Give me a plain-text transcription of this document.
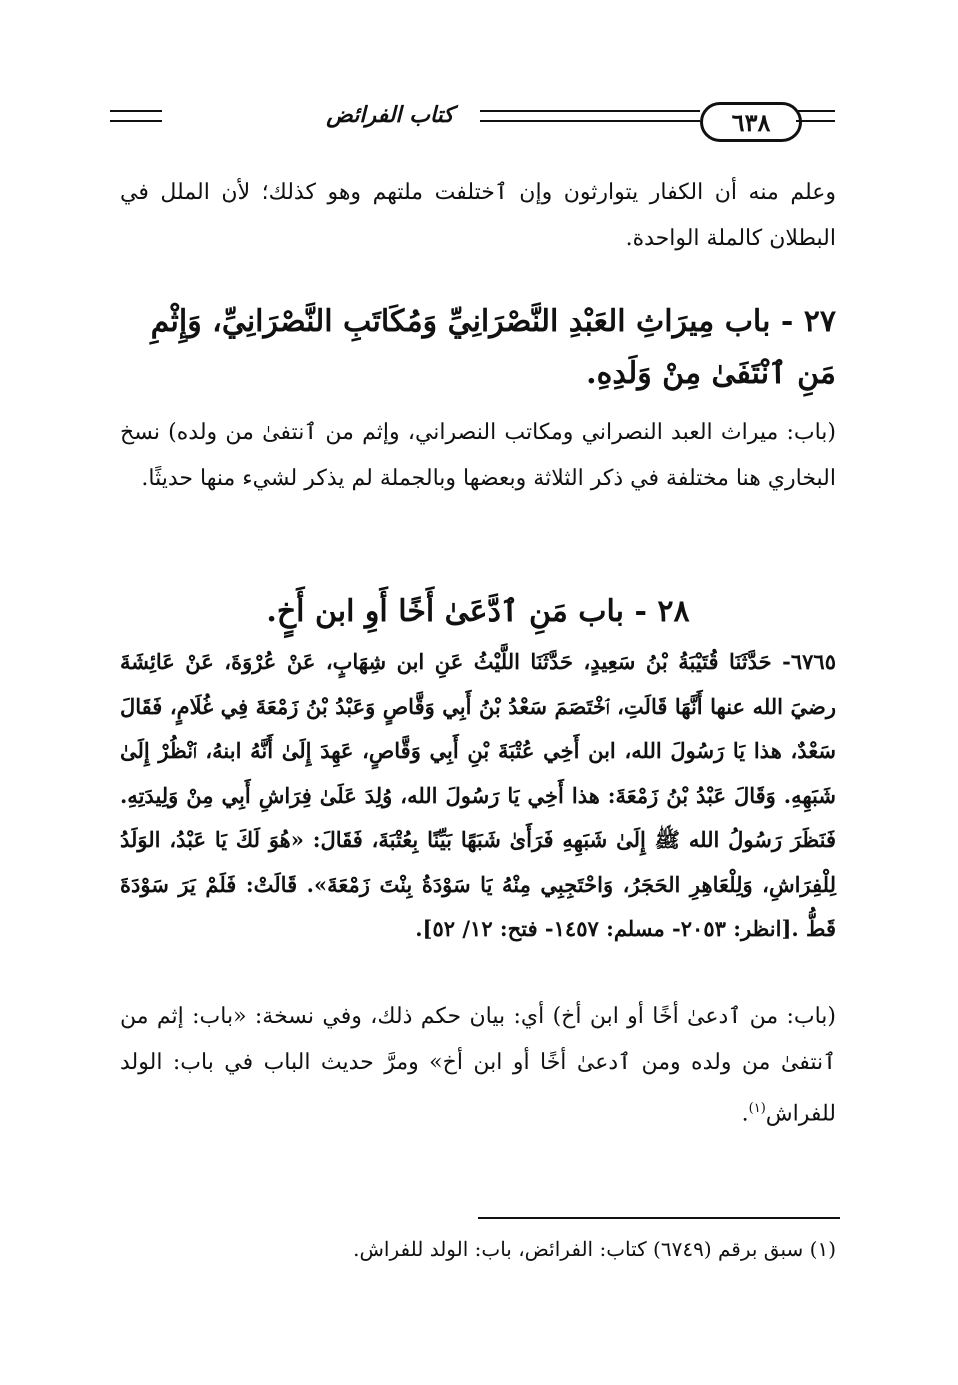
كتاب الفرائض	٦٣٨
وعلم منه أن الكفار يتوارثون وإن ٱختلفت ملتهم وهو كذلك؛ لأن الملل في البطلان كالملة الواحدة.
٢٧ - باب مِيرَاثِ العَبْدِ النَّصْرَانِيِّ وَمُكَاتَبِ النَّصْرَانِيِّ، وَإِثْمِ مَنِ ٱنْتَفَىٰ مِنْ وَلَدِهِ.
(باب: ميراث العبد النصراني ومكاتب النصراني، وإثم من ٱنتفىٰ من ولده) نسخ البخاري هنا مختلفة في ذكر الثلاثة وبعضها وبالجملة لم يذكر لشيء منها حديثًا.
٢٨ - باب مَنِ ٱدَّعَىٰ أَخًا أَوِ ابن أَخٍ.
٦٧٦٥- حَدَّثَنَا قُتَيْبَةُ بْنُ سَعِيدٍ، حَدَّثَنَا اللَّيْثُ عَنِ ابن شِهَابٍ، عَنْ عُرْوَةَ، عَنْ عَائِشَةَ رضيَ الله عنها أَنَّهَا قَالَتِ، ٱخْتَصَمَ سَعْدُ بْنُ أَبِي وَقَّاصٍ وَعَبْدُ بْنُ زَمْعَةَ فِي غُلَامٍ، فَقَالَ سَعْدٌ، هذا يَا رَسُولَ الله، ابن أَخِي عُتْبَةَ بْنِ أَبِي وَقَّاصٍ، عَهِدَ إِلَىٰ أَنَّهُ ابنهُ، ٱنْظُرْ إِلَىٰ شَبَهِهِ. وَقَالَ عَبْدُ بْنُ زَمْعَةَ: هذا أَخِي يَا رَسُولَ الله، وُلِدَ عَلَىٰ فِرَاشِ أَبِي مِنْ وَلِيدَتِهِ. فَنَظَرَ رَسُولُ الله ﷺ إِلَىٰ شَبَهِهِ فَرَأَىٰ شَبَهًا بَيِّنًا بِعُتْبَةَ، فَقَالَ: «هُوَ لَكَ يَا عَبْدُ، الوَلَدُ لِلْفِرَاشِ، وَلِلْعَاهِرِ الحَجَرُ، وَاحْتَجِبِي مِنْهُ يَا سَوْدَةُ بِنْتَ زَمْعَةَ». قَالَتْ: فَلَمْ يَرَ سَوْدَةَ قَطُّ .[انظر: ٢٠٥٣- مسلم: ١٤٥٧- فتح: ١٢/ ٥٢].
(باب: من ٱدعىٰ أخًا أو ابن أخ) أي: بيان حكم ذلك، وفي نسخة: «باب: إثم من ٱنتفىٰ من ولده ومن ٱدعىٰ أخًا أو ابن أخ» ومرَّ حديث الباب في باب: الولد للفراش$^{(١)}$.
(١) سبق برقم (٦٧٤٩) كتاب: الفرائض، باب: الولد للفراش.
